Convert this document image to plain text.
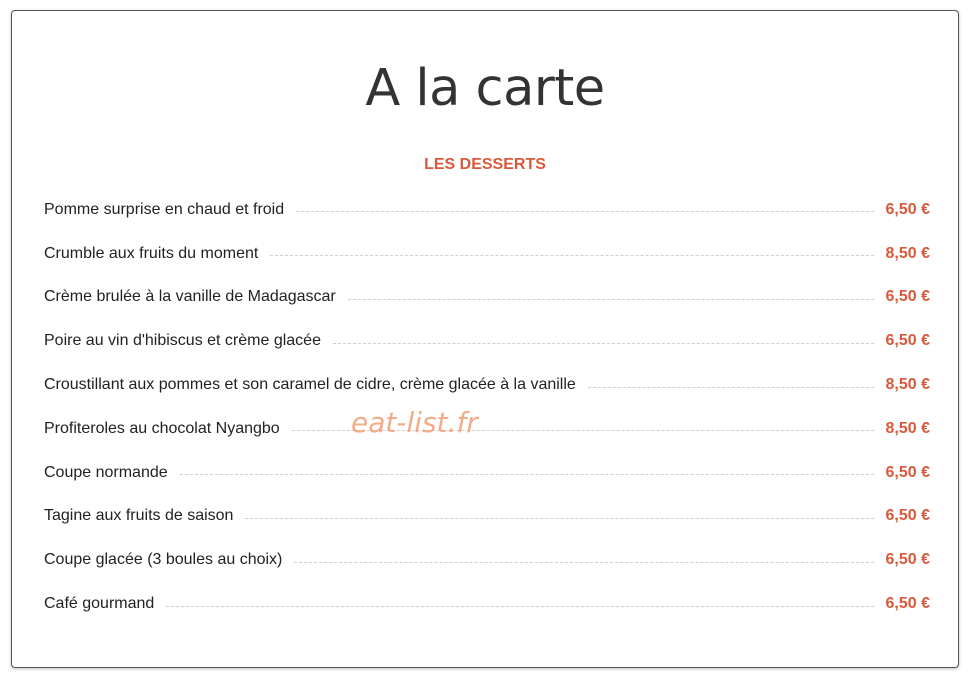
A la carte
LES DESSERTS
Pomme surprise en chaud et froid	6,50 €
Crumble aux fruits du moment	8,50 €
Crème brulée à la vanille de Madagascar	6,50 €
Poire au vin d'hibiscus et crème glacée	6,50 €
Croustillant aux pommes et son caramel de cidre, crème glacée à la vanille	8,50 €
Profiteroles au chocolat Nyangbo	8,50 €
Coupe normande	6,50 €
Tagine aux fruits de saison	6,50 €
Coupe glacée (3 boules au choix)	6,50 €
Café gourmand	6,50 €
eat-list.fr
